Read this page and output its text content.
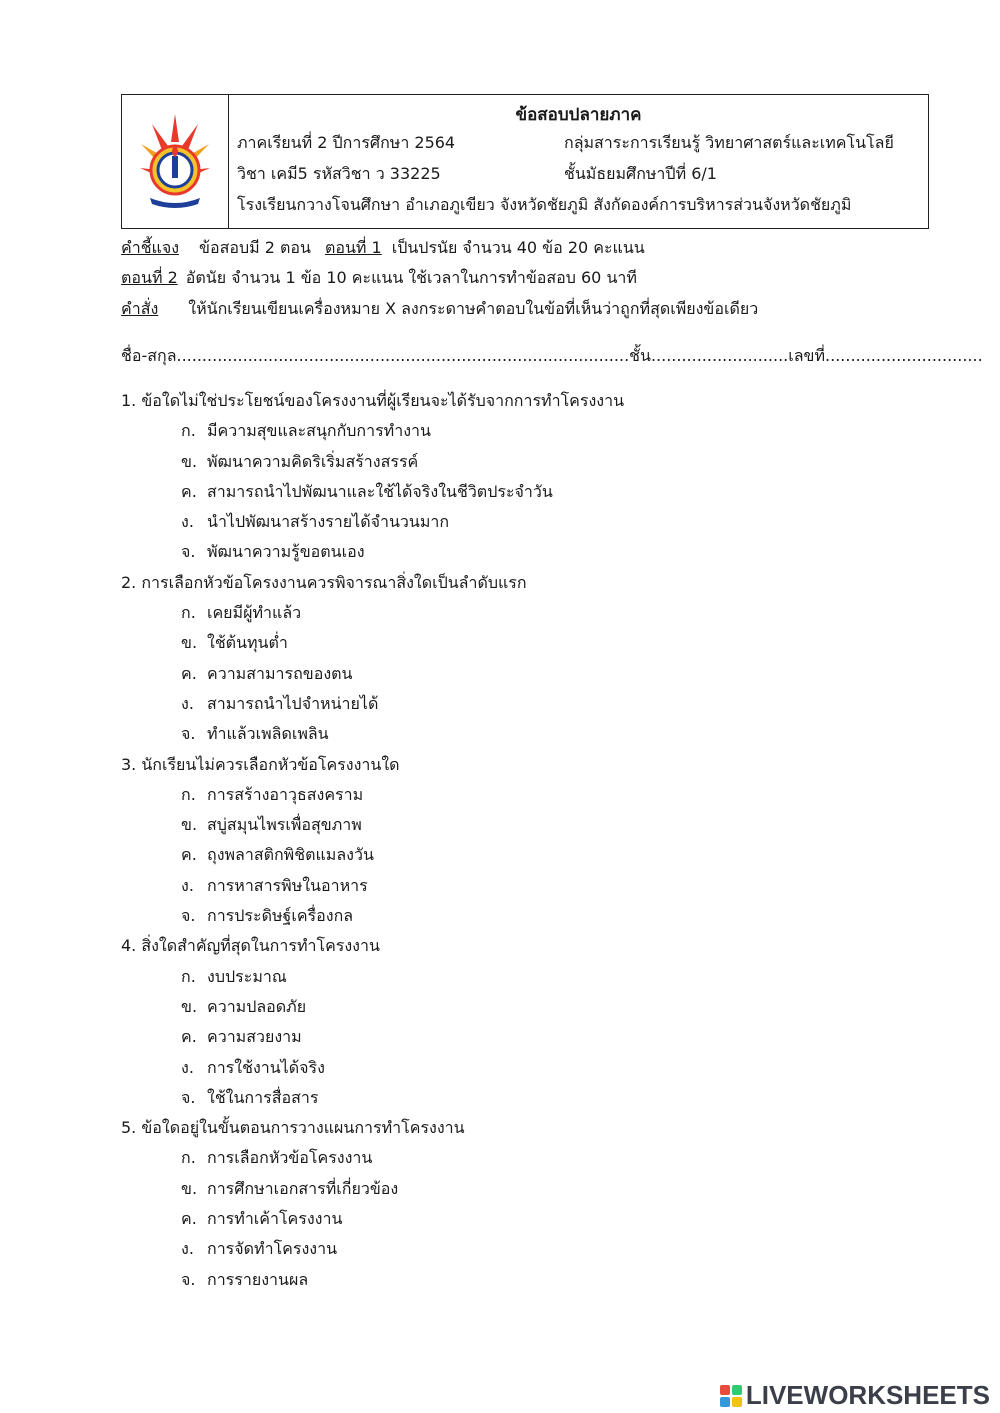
ข้อสอบปลายภาค
ภาคเรียนที่ 2 ปีการศึกษา 2564	กลุ่มสาระการเรียนรู้ วิทยาศาสตร์และเทคโนโลยี
วิชา เคมี5 รหัสวิชา ว 33225	ชั้นมัธยมศึกษาปีที่ 6/1
โรงเรียนกวางโจนศึกษา อำเภอภูเขียว จังหวัดชัยภูมิ สังกัดองค์การบริหารส่วนจังหวัดชัยภูมิ
คำชี้แจง ข้อสอบมี 2 ตอน ตอนที่ 1 เป็นปรนัย จำนวน 40 ข้อ 20 คะแนน
ตอนที่ 2 อัตนัย จำนวน 1 ข้อ 10 คะแนน ใช้เวลาในการทำข้อสอบ 60 นาที
คำสั่ง ให้นักเรียนเขียนเครื่องหมาย X ลงกระดาษคำตอบในข้อที่เห็นว่าถูกที่สุดเพียงข้อเดียว
ชื่อ-สกุล.........................................................................................ชั้น...........................เลขที่...............................
1. ข้อใดไม่ใช่ประโยชน์ของโครงงานที่ผู้เรียนจะได้รับจากการทำโครงงาน
ก. มีความสุขและสนุกกับการทำงาน
ข. พัฒนาความคิดริเริ่มสร้างสรรค์
ค. สามารถนำไปพัฒนาและใช้ได้จริงในชีวิตประจำวัน
ง. นำไปพัฒนาสร้างรายได้จำนวนมาก
จ. พัฒนาความรู้ขอตนเอง
2. การเลือกหัวข้อโครงงานควรพิจารณาสิ่งใดเป็นลำดับแรก
ก. เคยมีผู้ทำแล้ว
ข. ใช้ต้นทุนต่ำ
ค. ความสามารถของตน
ง. สามารถนำไปจำหน่ายได้
จ. ทำแล้วเพลิดเพลิน
3. นักเรียนไม่ควรเลือกหัวข้อโครงงานใด
ก. การสร้างอาวุธสงคราม
ข. สบู่สมุนไพรเพื่อสุขภาพ
ค. ถุงพลาสติกพิชิตแมลงวัน
ง. การหาสารพิษในอาหาร
จ. การประดิษฐ์เครื่องกล
4. สิ่งใดสำคัญที่สุดในการทำโครงงาน
ก. งบประมาณ
ข. ความปลอดภัย
ค. ความสวยงาม
ง. การใช้งานได้จริง
จ. ใช้ในการสื่อสาร
5. ข้อใดอยู่ในขั้นตอนการวางแผนการทำโครงงาน
ก. การเลือกหัวข้อโครงงาน
ข. การศึกษาเอกสารที่เกี่ยวข้อง
ค. การทำเค้าโครงงาน
ง. การจัดทำโครงงาน
จ. การรายงานผล
LIVEWORKSHEETS
